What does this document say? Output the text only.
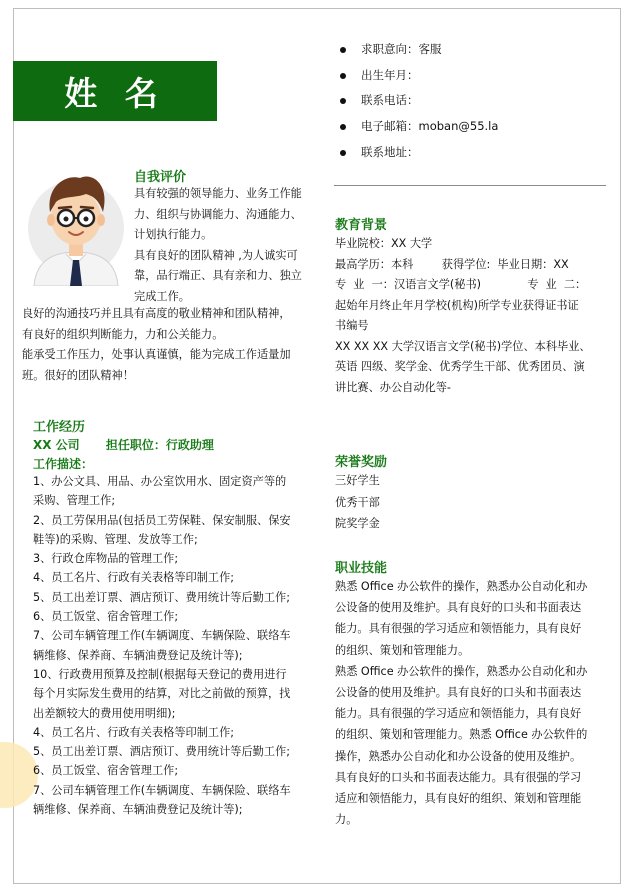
姓 名
求职意向：客服
出生年月：
联系电话：
电子邮箱：moban@55.la
联系地址：
自我评价
具有较强的领导能力、业务工作能
力、组织与协调能力、沟通能力、
计划执行能力。
具有良好的团队精神 ,为人诚实可
靠，品行端正、具有亲和力、独立
完成工作。
良好的沟通技巧并且具有高度的敬业精神和团队精神，
有良好的组织判断能力，力和公关能力。
能承受工作压力，处事认真谨慎，能为完成工作适量加
班。很好的团队精神！
工作经历
XX 公司 担任职位：行政助理
工作描述：
1、办公文具、用品、办公室饮用水、固定资产等的
采购、管理工作;
2、员工劳保用品(包括员工劳保鞋、保安制服、保安
鞋等)的采购、管理、发放等工作;
3、行政仓库物品的管理工作;
4、员工名片、行政有关表格等印制工作;
5、员工出差订票、酒店预订、费用统计等后勤工作;
6、员工饭堂、宿舍管理工作;
7、公司车辆管理工作(车辆调度、车辆保险、联络车
辆维修、保养商、车辆油费登记及统计等);
10、行政费用预算及控制(根据每天登记的费用进行
每个月实际发生费用的结算，对比之前做的预算，找
出差额较大的费用使用明细);
4、员工名片、行政有关表格等印制工作;
5、员工出差订票、酒店预订、费用统计等后勤工作;
6、员工饭堂、宿舍管理工作;
7、公司车辆管理工作(车辆调度、车辆保险、联络车
辆维修、保养商、车辆油费登记及统计等);
教育背景
毕业院校：XX 大学
最高学历：本科        获得学位:  毕业日期：XX
专  业  一：汉语言文学(秘书)             专  业  二：
起始年月终止年月学校(机构)所学专业获得证书证
书编号
XX XX XX 大学汉语言文学(秘书)学位、本科毕业、
英语 四级、奖学金、优秀学生干部、优秀团员、演
讲比赛、办公自动化等-
荣誉奖励
三好学生
优秀干部
院奖学金
职业技能
熟悉 Office 办公软件的操作，熟悉办公自动化和办
公设备的使用及维护。具有良好的口头和书面表达
能力。具有很强的学习适应和领悟能力，具有良好
的组织、策划和管理能力。
熟悉 Office 办公软件的操作，熟悉办公自动化和办
公设备的使用及维护。具有良好的口头和书面表达
能力。具有很强的学习适应和领悟能力，具有良好
的组织、策划和管理能力。熟悉 Office 办公软件的
操作，熟悉办公自动化和办公设备的使用及维护。
具有良好的口头和书面表达能力。具有很强的学习
适应和领悟能力，具有良好的组织、策划和管理能
力。
